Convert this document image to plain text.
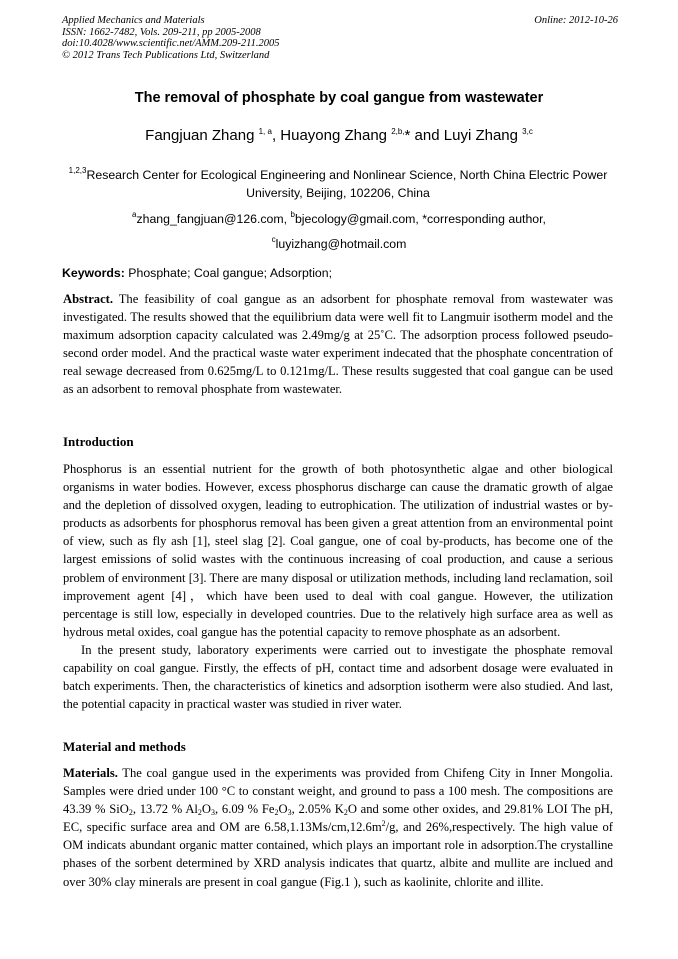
Applied Mechanics and Materials
ISSN: 1662-7482, Vols. 209-211, pp 2005-2008
doi:10.4028/www.scientific.net/AMM.209-211.2005
© 2012 Trans Tech Publications Ltd, Switzerland
Online: 2012-10-26
The removal of phosphate by coal gangue from wastewater
Fangjuan Zhang $^{1, a}$, Huayong Zhang $^{2,b,}$* and Luyi Zhang $^{3,c}$
$^{1,2,3}$Research Center for Ecological Engineering and Nonlinear Science, North China Electric Power
University, Beijing, 102206, China
$^a$zhang_fangjuan@126.com, $^b$bjecology@gmail.com, *corresponding author,
$^c$luyizhang@hotmail.com
Keywords: Phosphate; Coal gangue; Adsorption;

Abstract. The feasibility of coal gangue as an adsorbent for phosphate removal from wastewater was investigated. The results showed that the equilibrium data were well fit to Langmuir isotherm model and the maximum adsorption capacity calculated was 2.49mg/g at 25˚C. The adsorption process followed pseudo-second order model. And the practical waste water experiment indecated that the phosphate concentration of real sewage decreased from 0.625mg/L to 0.121mg/L. These results suggested that coal gangue can be used as an adsorbent to removal phosphate from wastewater.

Introduction

Phosphorus is an essential nutrient for the growth of both photosynthetic algae and other biological organisms in water bodies. However, excess phosphorus discharge can cause the dramatic growth of algae and the depletion of dissolved oxygen, leading to eutrophication. The utilization of industrial wastes or by-products as adsorbents for phosphorus removal has been given a great attention from an environmental point of view, such as fly ash [1], steel slag [2]. Coal gangue, one of coal by-products, has become one of the largest emissions of solid wastes with the continuous increasing of coal production, and cause a serious problem of environment [3]. There are many disposal or utilization methods, including land reclamation, soil improvement agent [4]，which have been used to deal with coal gangue. However, the utilization percentage is still low, especially in developed countries. Due to the relatively high surface area as well as hydrous metal oxides, coal gangue has the potential capacity to remove phosphate as an adsorbent.

In the present study, laboratory experiments were carried out to investigate the phosphate removal capability on coal gangue. Firstly, the effects of pH, contact time and adsorbent dosage were evaluated in batch experiments. Then, the characteristics of kinetics and adsorption isotherm were also studied. And last, the potential capacity in practical waster was studied in river water.

Material and methods

Materials. The coal gangue used in the experiments was provided from Chifeng City in Inner Mongolia. Samples were dried under 100 °C to constant weight, and ground to pass a 100 mesh. The compositions are 43.39 % SiO$_2$, 13.72 % $Al_2O_3$, 6.09 % $Fe_2O_3$, 2.05% $K_2O$ and some other oxides, and 29.81% LOI The pH, EC, specific surface area and OM are $6.58,1.13Ms/cm,12.6m^2/g$, and 26%,respectively. The high value of OM indicats abundant organic matter contained, which plays an important role in adsorption.The crystalline phases of the sorbent determined by XRD analysis indicates that quartz, albite and mullite are inclued and over 30% clay minerals are present in coal gangue (Fig.1 ), such as kaolinite, chlorite and illite.
